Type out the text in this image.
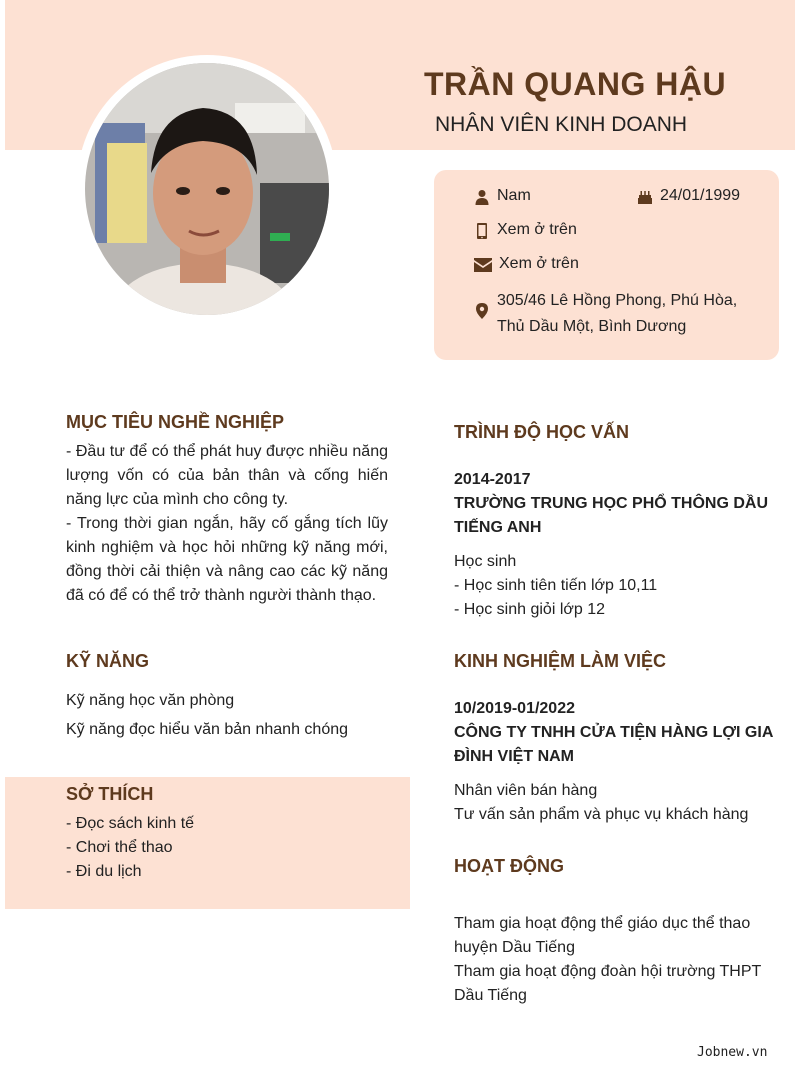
TRẦN QUANG HẬU
NHÂN VIÊN KINH DOANH
Nam	24/01/1999
Xem ở trên
Xem ở trên
305/46 Lê Hồng Phong, Phú Hòa,
Thủ Dầu Một, Bình Dương
MỤC TIÊU NGHỀ NGHIỆP
- Đầu tư để có thể phát huy được nhiều năng lượng vốn có của bản thân và cống hiến năng lực của mình cho công ty.
- Trong thời gian ngắn, hãy cố gắng tích lũy kinh nghiệm và học hỏi những kỹ năng mới, đồng thời cải thiện và nâng cao các kỹ năng đã có để có thể trở thành người thành thạo.
KỸ NĂNG
Kỹ năng học văn phòng
Kỹ năng đọc hiểu văn bản nhanh chóng
SỞ THÍCH
- Đọc sách kinh tế
- Chơi thể thao
- Đi du lịch
TRÌNH ĐỘ HỌC VẤN
2014-2017
TRƯỜNG TRUNG HỌC PHỔ THÔNG DẦU TIẾNG ANH
Học sinh
- Học sinh tiên tiến lớp 10,11
- Học sinh giỏi lớp 12
KINH NGHIỆM LÀM VIỆC
10/2019-01/2022
CÔNG TY TNHH CỬA TIỆN HÀNG LỢI GIA ĐÌNH VIỆT NAM
Nhân viên bán hàng
Tư vấn sản phẩm và phục vụ khách hàng
HOẠT ĐỘNG
Tham gia hoạt động thể giáo dục thể thao huyện Dầu Tiếng
Tham gia hoạt động đoàn hội trường THPT Dầu Tiếng
Jobnew.vn
